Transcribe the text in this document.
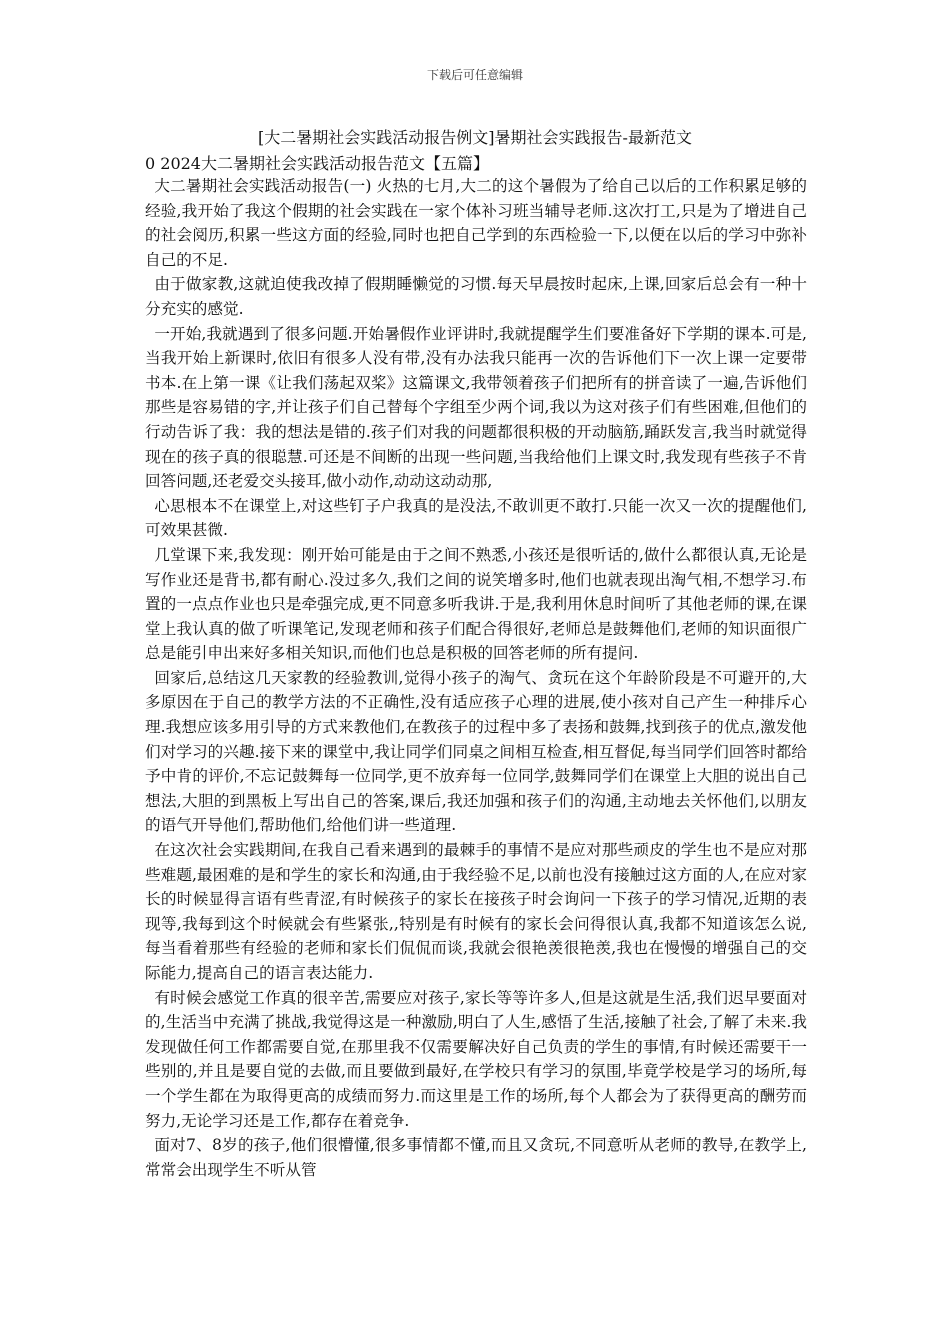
下载后可任意编辑
[大二暑期社会实践活动报告例文]暑期社会实践报告-最新范文
0 2024大二暑期社会实践活动报告范文【五篇】

大二暑期社会实践活动报告(一) 火热的七月,大二的这个暑假为了给自己以后的工作积累足够的经验,我开始了我这个假期的社会实践在一家个体补习班当辅导老师.这次打工,只是为了增进自己的社会阅历,积累一些这方面的经验,同时也把自己学到的东西检验一下,以便在以后的学习中弥补自己的不足.

由于做家教,这就迫使我改掉了假期睡懒觉的习惯.每天早晨按时起床,上课,回家后总会有一种十分充实的感觉.

一开始,我就遇到了很多问题.开始暑假作业评讲时,我就提醒学生们要准备好下学期的课本.可是,当我开始上新课时,依旧有很多人没有带,没有办法我只能再一次的告诉他们下一次上课一定要带书本.在上第一课《让我们荡起双桨》这篇课文,我带领着孩子们把所有的拼音读了一遍,告诉他们那些是容易错的字,并让孩子们自己替每个字组至少两个词,我以为这对孩子们有些困难,但他们的行动告诉了我：我的想法是错的.孩子们对我的问题都很积极的开动脑筋,踊跃发言,我当时就觉得现在的孩子真的很聪慧.可还是不间断的出现一些问题,当我给他们上课文时,我发现有些孩子不肯回答问题,还老爱交头接耳,做小动作,动动这动动那,

心思根本不在课堂上,对这些钉子户我真的是没法,不敢训更不敢打.只能一次又一次的提醒他们,可效果甚微.

几堂课下来,我发现：刚开始可能是由于之间不熟悉,小孩还是很听话的,做什么都很认真,无论是写作业还是背书,都有耐心.没过多久,我们之间的说笑增多时,他们也就表现出淘气相,不想学习.布置的一点点作业也只是牵强完成,更不同意多听我讲.于是,我利用休息时间听了其他老师的课,在课堂上我认真的做了听课笔记,发现老师和孩子们配合得很好,老师总是鼓舞他们,老师的知识面很广总是能引申出来好多相关知识,而他们也总是积极的回答老师的所有提问.

回家后,总结这几天家教的经验教训,觉得小孩子的淘气、贪玩在这个年龄阶段是不可避开的,大多原因在于自己的教学方法的不正确性,没有适应孩子心理的进展,使小孩对自己产生一种排斥心理.我想应该多用引导的方式来教他们,在教孩子的过程中多了表扬和鼓舞,找到孩子的优点,激发他们对学习的兴趣.接下来的课堂中,我让同学们同桌之间相互检查,相互督促,每当同学们回答时都给予中肯的评价,不忘记鼓舞每一位同学,更不放弃每一位同学,鼓舞同学们在课堂上大胆的说出自己想法,大胆的到黑板上写出自己的答案,课后,我还加强和孩子们的沟通,主动地去关怀他们,以朋友的语气开导他们,帮助他们,给他们讲一些道理.

在这次社会实践期间,在我自己看来遇到的最棘手的事情不是应对那些顽皮的学生也不是应对那些难题,最困难的是和学生的家长和沟通,由于我经验不足,以前也没有接触过这方面的人,在应对家长的时候显得言语有些青涩,有时候孩子的家长在接孩子时会询问一下孩子的学习情况,近期的表现等,我每到这个时候就会有些紧张,,特别是有时候有的家长会问得很认真,我都不知道该怎么说,每当看着那些有经验的老师和家长们侃侃而谈,我就会很艳羡很艳羡,我也在慢慢的增强自己的交际能力,提高自己的语言表达能力.

有时候会感觉工作真的很辛苦,需要应对孩子,家长等等许多人,但是这就是生活,我们迟早要面对的,生活当中充满了挑战,我觉得这是一种激励,明白了人生,感悟了生活,接触了社会,了解了未来.我发现做任何工作都需要自觉,在那里我不仅需要解决好自己负责的学生的事情,有时候还需要干一些别的,并且是要自觉的去做,而且要做到最好,在学校只有学习的氛围,毕竟学校是学习的场所,每一个学生都在为取得更高的成绩而努力.而这里是工作的场所,每个人都会为了获得更高的酬劳而努力,无论学习还是工作,都存在着竞争.

面对7、8岁的孩子,他们很懵懂,很多事情都不懂,而且又贪玩,不同意听从老师的教导,在教学上,常常会出现学生不听从管
